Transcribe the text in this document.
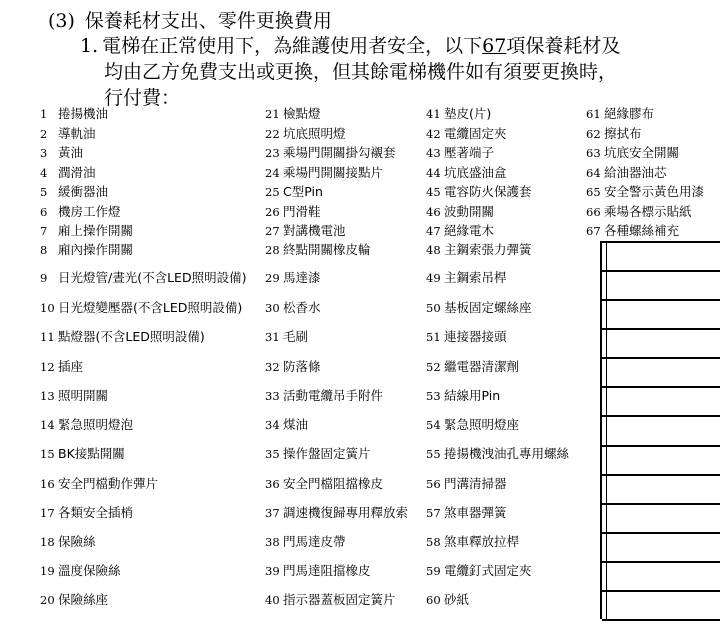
(3) 保養耗材支出、零件更換費用
1. 電梯在正常使用下，為維護使用者安全，以下67項保養耗材及
均由乙方免費支出或更換，但其餘電梯機件如有須要更換時，
行付費：
1 捲揚機油
2 導軌油
3 黃油
4 潤滑油
5 緩衝器油
6 機房工作燈
7 廂上操作開關
8 廂內操作開關
9 日光燈管/晝光(不含LED照明設備)
10 日光燈變壓器(不含LED照明設備)
11 點燈器(不含LED照明設備)
12 插座
13 照明開關
14 緊急照明燈泡
15 BK接點開關
16 安全門檔動作彈片
17 各類安全插梢
18 保險絲
19 溫度保險絲
20 保險絲座
21 檢點燈
22 坑底照明燈
23 乘場門開關掛勾襯套
24 乘場門開關接點片
25 C型Pin
26 門滑鞋
27 對講機電池
28 終點開關橡皮輪
29 馬達漆
30 松香水
31 毛刷
32 防落條
33 活動電纜吊手附件
34 煤油
35 操作盤固定簧片
36 安全門檔阻擋橡皮
37 調速機復歸專用釋放索
38 門馬達皮帶
39 門馬達阻擋橡皮
40 指示器蓋板固定簧片
41 墊皮(片)
42 電纜固定夾
43 壓著端子
44 坑底盛油盒
45 電容防火保護套
46 波動開關
47 絕緣電木
48 主鋼索張力彈簧
49 主鋼索吊桿
50 基板固定螺絲座
51 連接器接頭
52 繼電器清潔劑
53 結線用Pin
54 緊急照明燈座
55 捲揚機洩油孔專用螺絲
56 門溝清掃器
57 煞車器彈簧
58 煞車釋放拉桿
59 電纜釘式固定夾
60 砂紙
61 絕緣膠布
62 擦拭布
63 坑底安全開關
64 給油器油芯
65 安全警示黃色用漆
66 乘場各標示貼紙
67 各種螺絲補充
